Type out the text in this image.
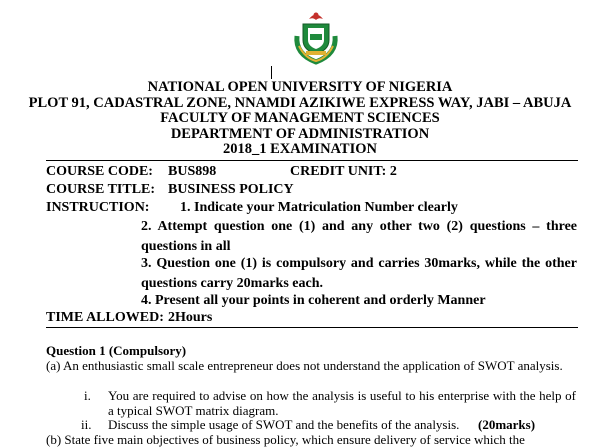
NATIONAL OPEN UNIVERSITY OF NIGERIA
PLOT 91, CADASTRAL ZONE, NNAMDI AZIKIWE EXPRESS WAY, JABI – ABUJA
FACULTY OF MANAGEMENT SCIENCES
DEPARTMENT OF ADMINISTRATION
2018_1 EXAMINATION
COURSE CODE: BUS898	CREDIT UNIT: 2
COURSE TITLE: BUSINESS POLICY
INSTRUCTION: 1. Indicate your Matriculation Number clearly
2. Attempt question one (1) and any other two (2) questions – three questions in all
3. Question one (1) is compulsory and carries 30marks, while the other questions carry 20marks each.
4. Present all your points in coherent and orderly Manner
TIME ALLOWED: 2Hours
Question 1 (Compulsory)
(a) An enthusiastic small scale entrepreneur does not understand the application of SWOT analysis.
i. You are required to advise on how the analysis is useful to his enterprise with the help of a typical SWOT matrix diagram.
ii. Discuss the simple usage of SWOT and the benefits of the analysis. (20marks)
(b) State five main objectives of business policy, which ensure delivery of service which the
